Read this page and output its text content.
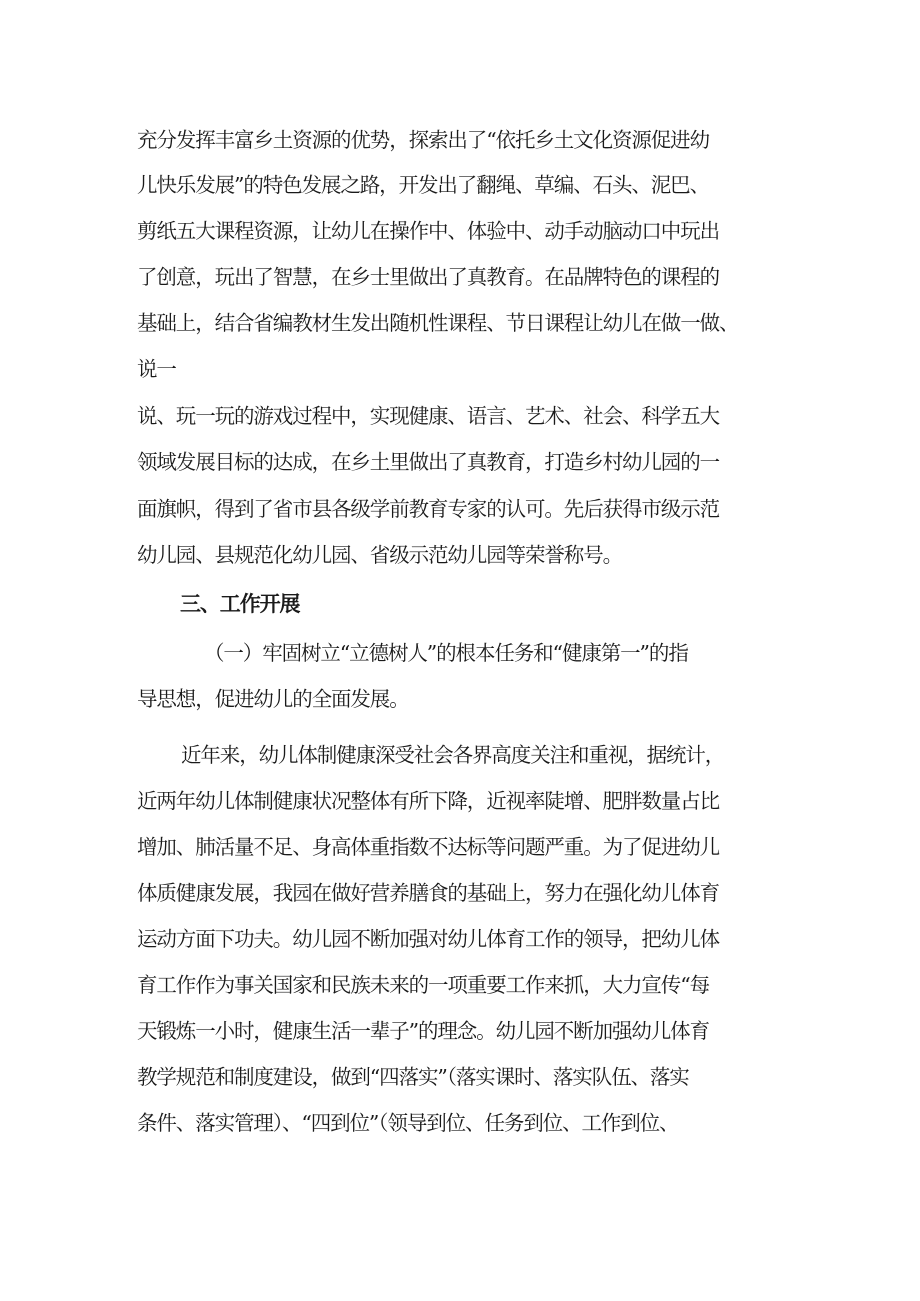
充分发挥丰富乡土资源的优势，探索出了“依托乡土文化资源促进幼
儿快乐发展”的特色发展之路，开发出了翻绳、草编、石头、泥巴、
剪纸五大课程资源，让幼儿在操作中、体验中、动手动脑动口中玩出
了创意，玩出了智慧，在乡士里做出了真教育。在品牌特色的课程的
基础上，结合省编教材生发出随机性课程、节日课程让幼儿在做一做、
说一
说、玩一玩的游戏过程中，实现健康、语言、艺术、社会、科学五大
领域发展目标的达成，在乡土里做出了真教育，打造乡村幼儿园的一
面旗帜，得到了省市县各级学前教育专家的认可。先后获得市级示范
幼儿园、县规范化幼儿园、省级示范幼儿园等荣誉称号。
三、工作开展
（一）牢固树立“立德树人”的根本任务和“健康第一”的指
导思想，促进幼儿的全面发展。
近年来，幼儿体制健康深受社会各界高度关注和重视，据统计，
近两年幼儿体制健康状况整体有所下降，近视率陡增、肥胖数量占比
增加、肺活量不足、身高体重指数不达标等问题严重。为了促进幼儿
体质健康发展，我园在做好营养膳食的基础上，努力在强化幼儿体育
运动方面下功夫。幼儿园不断加强对幼儿体育工作的领导，把幼儿体
育工作作为事关国家和民族未来的一项重要工作来抓，大力宣传“每
天锻炼一小时，健康生活一辈子”的理念。幼儿园不断加强幼儿体育
教学规范和制度建设，做到“四落实”（落实课时、落实队伍、落实
条件、落实管理）、“四到位”（领导到位、任务到位、工作到位、
